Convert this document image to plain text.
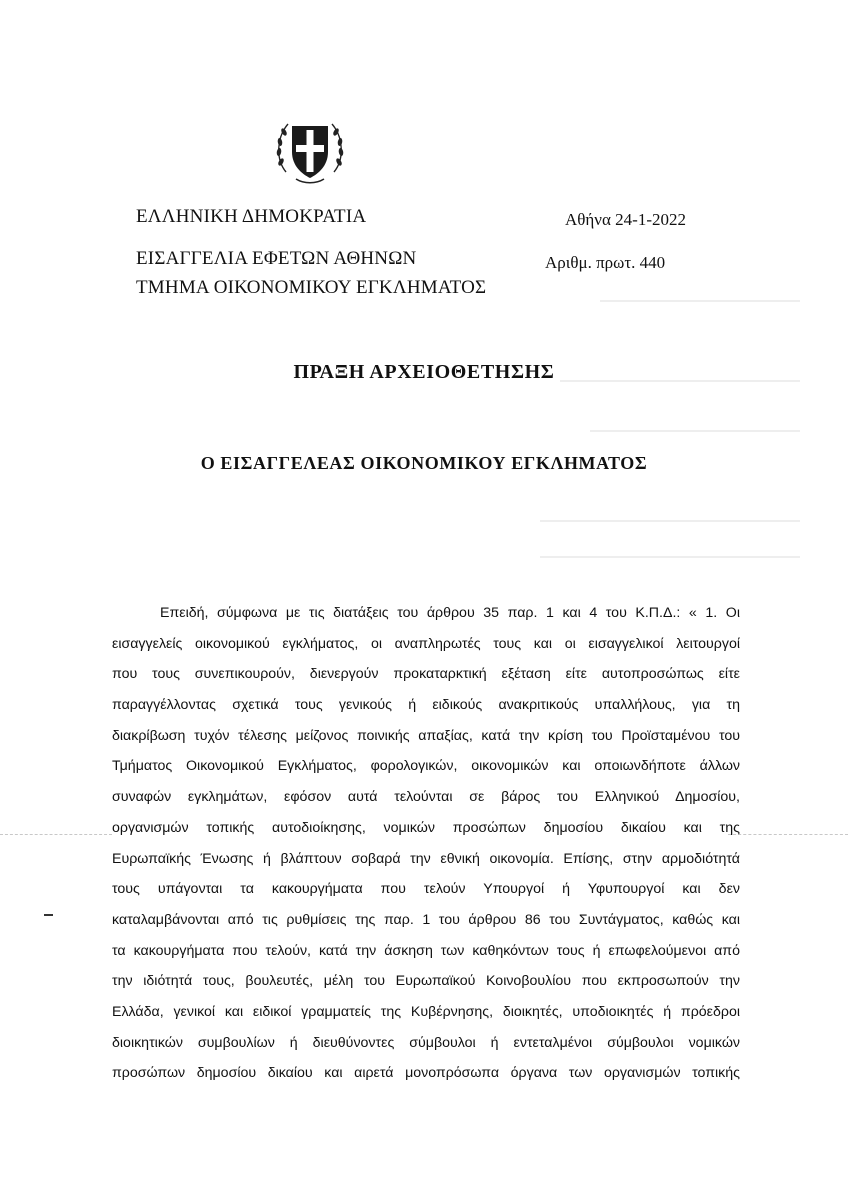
ΕΛΛΗΝΙΚΗ ΔΗΜΟΚΡΑΤΙΑ
ΕΙΣΑΓΓΕΛΙΑ ΕΦΕΤΩΝ ΑΘΗΝΩΝ
ΤΜΗΜΑ ΟΙΚΟΝΟΜΙΚΟΥ ΕΓΚΛΗΜΑΤΟΣ
Αθήνα 24-1-2022
Αριθμ. πρωτ. 440
ΠΡΑΞΗ ΑΡΧΕΙΟΘΕΤΗΣΗΣ
Ο ΕΙΣΑΓΓΕΛΕΑΣ ΟΙΚΟΝΟΜΙΚΟΥ ΕΓΚΛΗΜΑΤΟΣ
Επειδή, σύμφωνα με τις διατάξεις του άρθρου 35 παρ. 1 και 4 του Κ.Π.Δ.: « 1. Οι
εισαγγελείς οικονομικού εγκλήματος, οι αναπληρωτές τους και οι εισαγγελικοί λειτουργοί
που τους συνεπικουρούν, διενεργούν προκαταρκτική εξέταση είτε αυτοπροσώπως είτε
παραγγέλλοντας σχετικά τους γενικούς ή ειδικούς ανακριτικούς υπαλλήλους, για τη
διακρίβωση τυχόν τέλεσης μείζονος ποινικής απαξίας, κατά την κρίση του Προϊσταμένου του
Τμήματος Οικονομικού Εγκλήματος, φορολογικών, οικονομικών και οποιωνδήποτε άλλων
συναφών εγκλημάτων, εφόσον αυτά τελούνται σε βάρος του Ελληνικού Δημοσίου,
οργανισμών τοπικής αυτοδιοίκησης, νομικών προσώπων δημοσίου δικαίου και της
Ευρωπαϊκής Ένωσης ή βλάπτουν σοβαρά την εθνική οικονομία. Επίσης, στην αρμοδιότητά
τους υπάγονται τα κακουργήματα που τελούν Υπουργοί ή Υφυπουργοί και δεν
καταλαμβάνονται από τις ρυθμίσεις της παρ. 1 του άρθρου 86 του Συντάγματος, καθώς και
τα κακουργήματα που τελούν, κατά την άσκηση των καθηκόντων τους ή επωφελούμενοι από
την ιδιότητά τους, βουλευτές, μέλη του Ευρωπαϊκού Κοινοβουλίου που εκπροσωπούν την
Ελλάδα, γενικοί και ειδικοί γραμματείς της Κυβέρνησης, διοικητές, υποδιοικητές ή πρόεδροι
διοικητικών συμβουλίων ή διευθύνοντες σύμβουλοι ή εντεταλμένοι σύμβουλοι νομικών
προσώπων δημοσίου δικαίου και αιρετά μονοπρόσωπα όργανα των οργανισμών τοπικής
